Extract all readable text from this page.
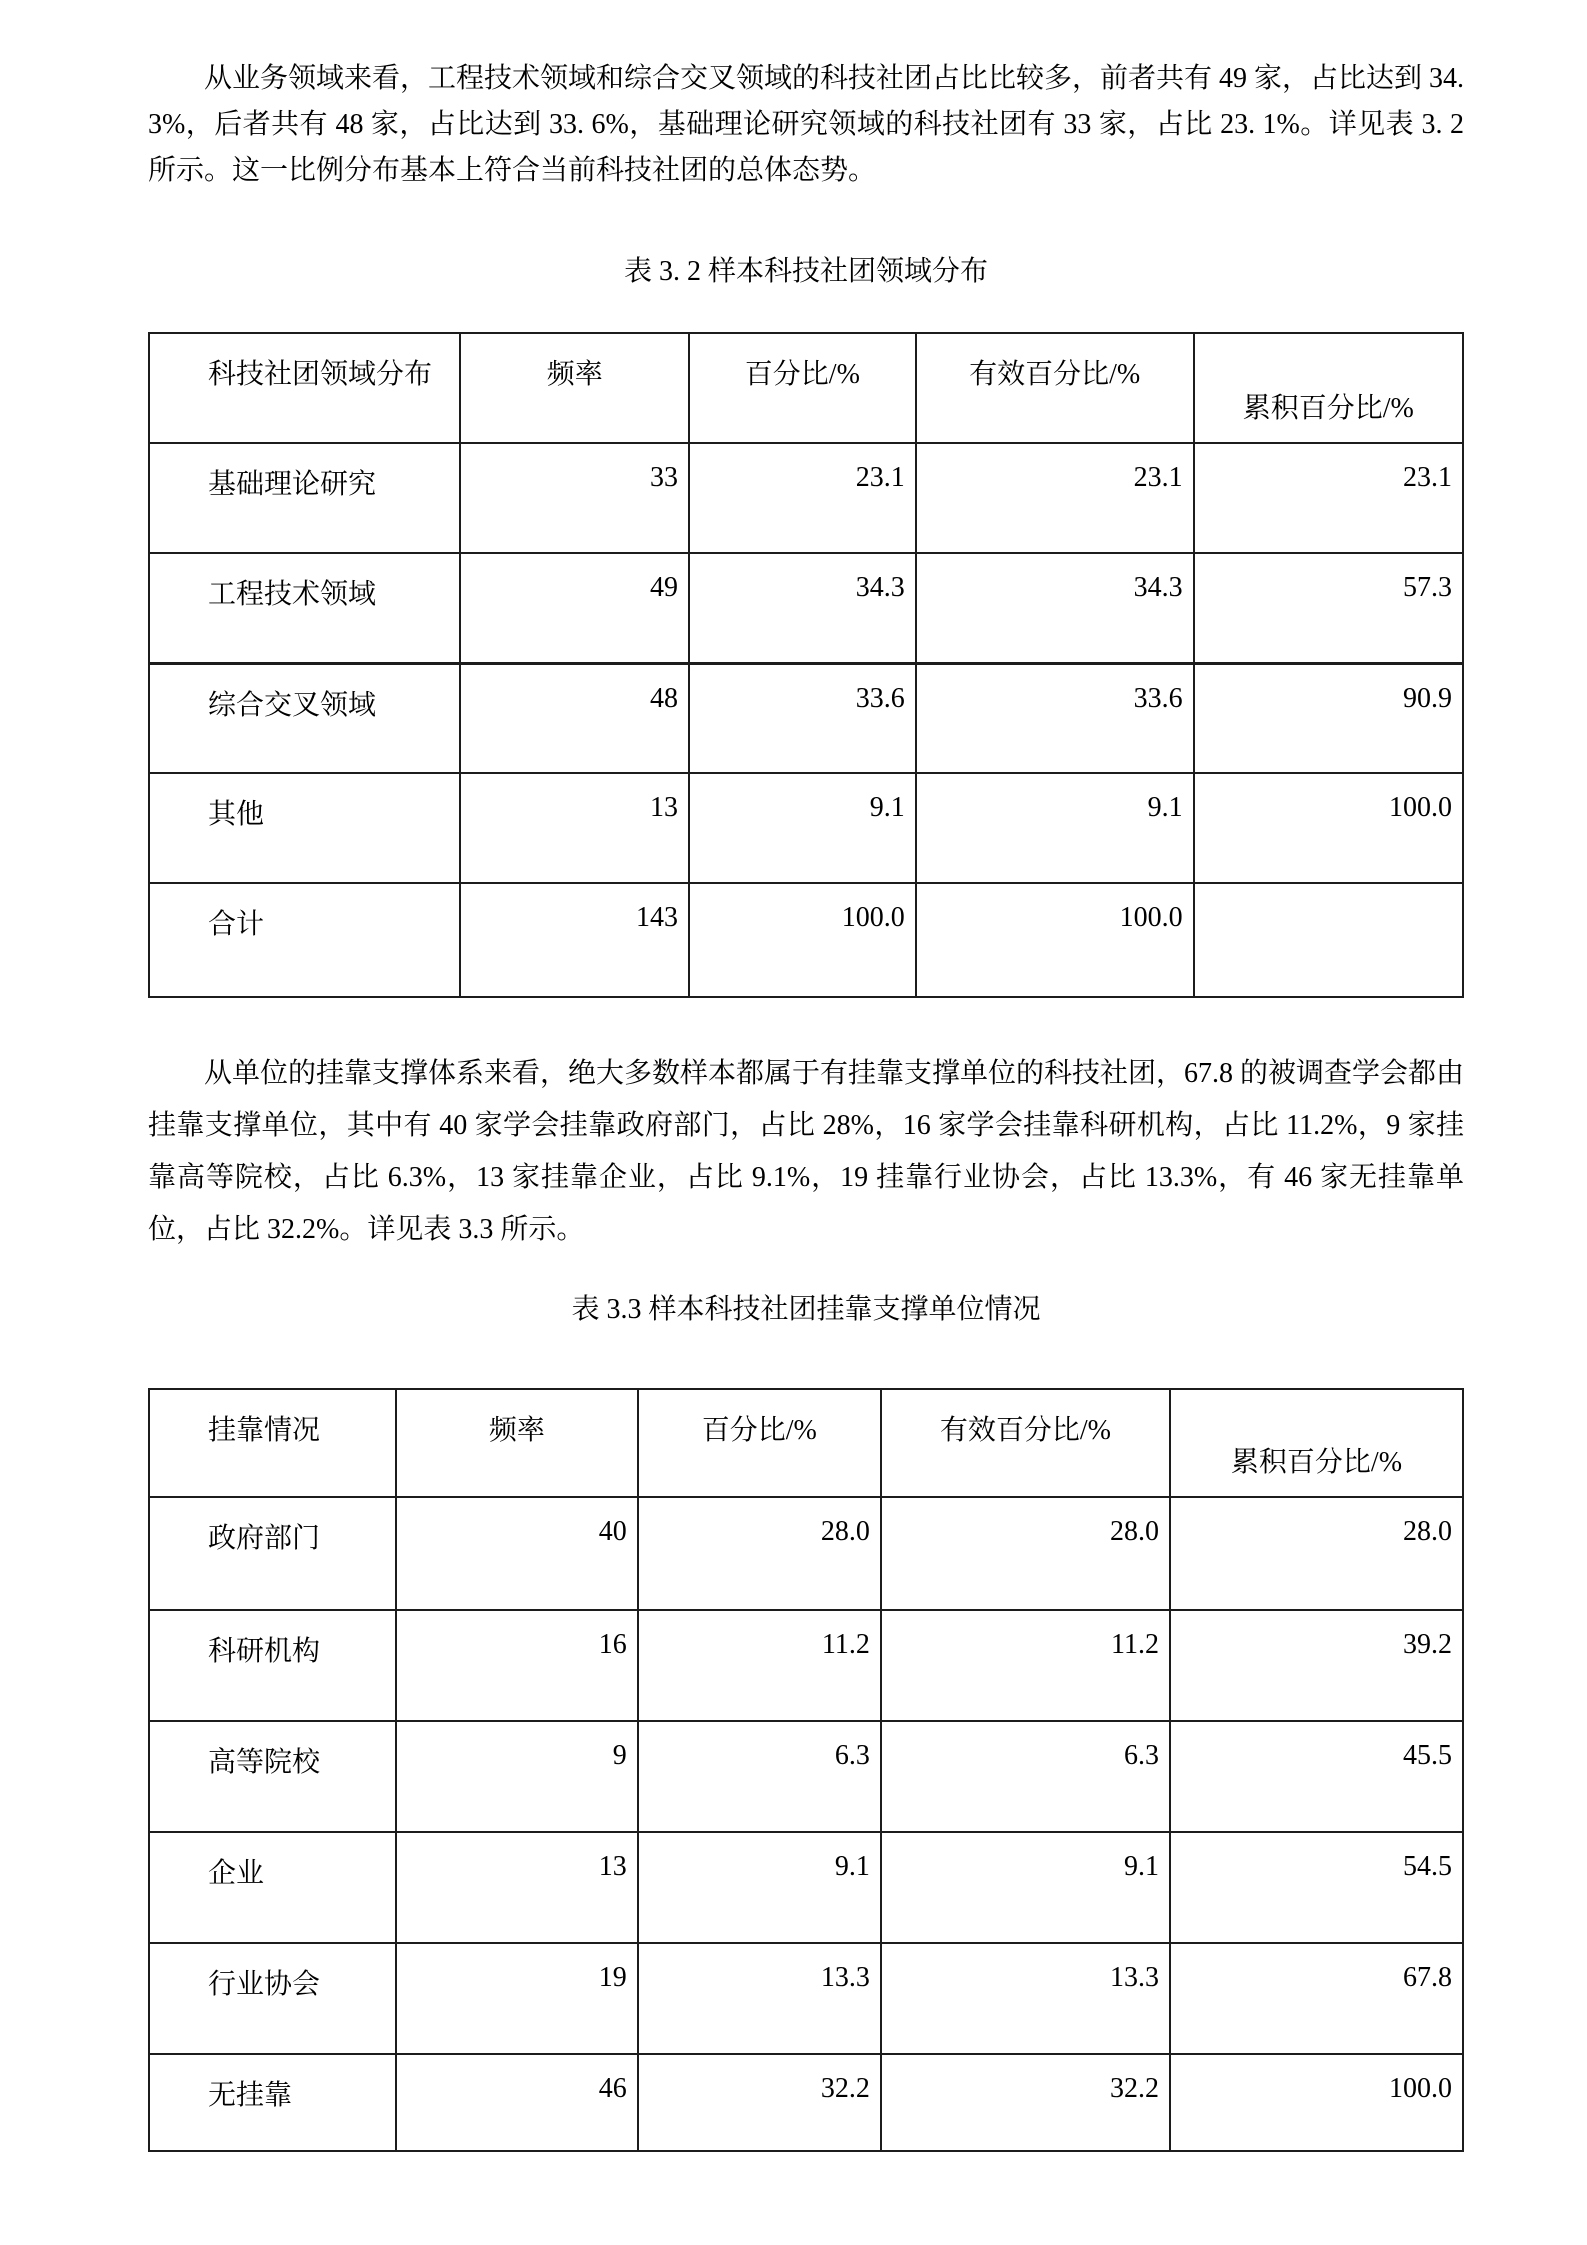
从业务领域来看，工程技术领域和综合交叉领域的科技社团占比比较多，前者共有 49 家，占比达到 34. 3%，后者共有 48 家，占比达到 33. 6%，基础理论研究领域的科技社团有 33 家，占比 23. 1%。详见表 3. 2 所示。这一比例分布基本上符合当前科技社团的总体态势。

表 3. 2 样本科技社团领域分布

科技社团领域分布	频率	百分比/%	有效百分比/%	累积百分比/%
基础理论研究	33	23.1	23.1	23.1
工程技术领域	49	34.3	34.3	57.3
综合交叉领域	48	33.6	33.6	90.9
其他	13	9.1	9.1	100.0
合计	143	100.0	100.0	

从单位的挂靠支撑体系来看，绝大多数样本都属于有挂靠支撑单位的科技社团，67.8 的被调查学会都由挂靠支撑单位，其中有 40 家学会挂靠政府部门，占比 28%，16 家学会挂靠科研机构，占比 11.2%，9 家挂靠高等院校，占比 6.3%，13 家挂靠企业，占比 9.1%，19 挂靠行业协会，占比 13.3%，有 46 家无挂靠单位，占比 32.2%。详见表 3.3 所示。

表 3.3 样本科技社团挂靠支撑单位情况

挂靠情况	频率	百分比/%	有效百分比/%	累积百分比/%
政府部门	40	28.0	28.0	28.0
科研机构	16	11.2	11.2	39.2
高等院校	9	6.3	6.3	45.5
企业	13	9.1	9.1	54.5
行业协会	19	13.3	13.3	67.8
无挂靠	46	32.2	32.2	100.0
